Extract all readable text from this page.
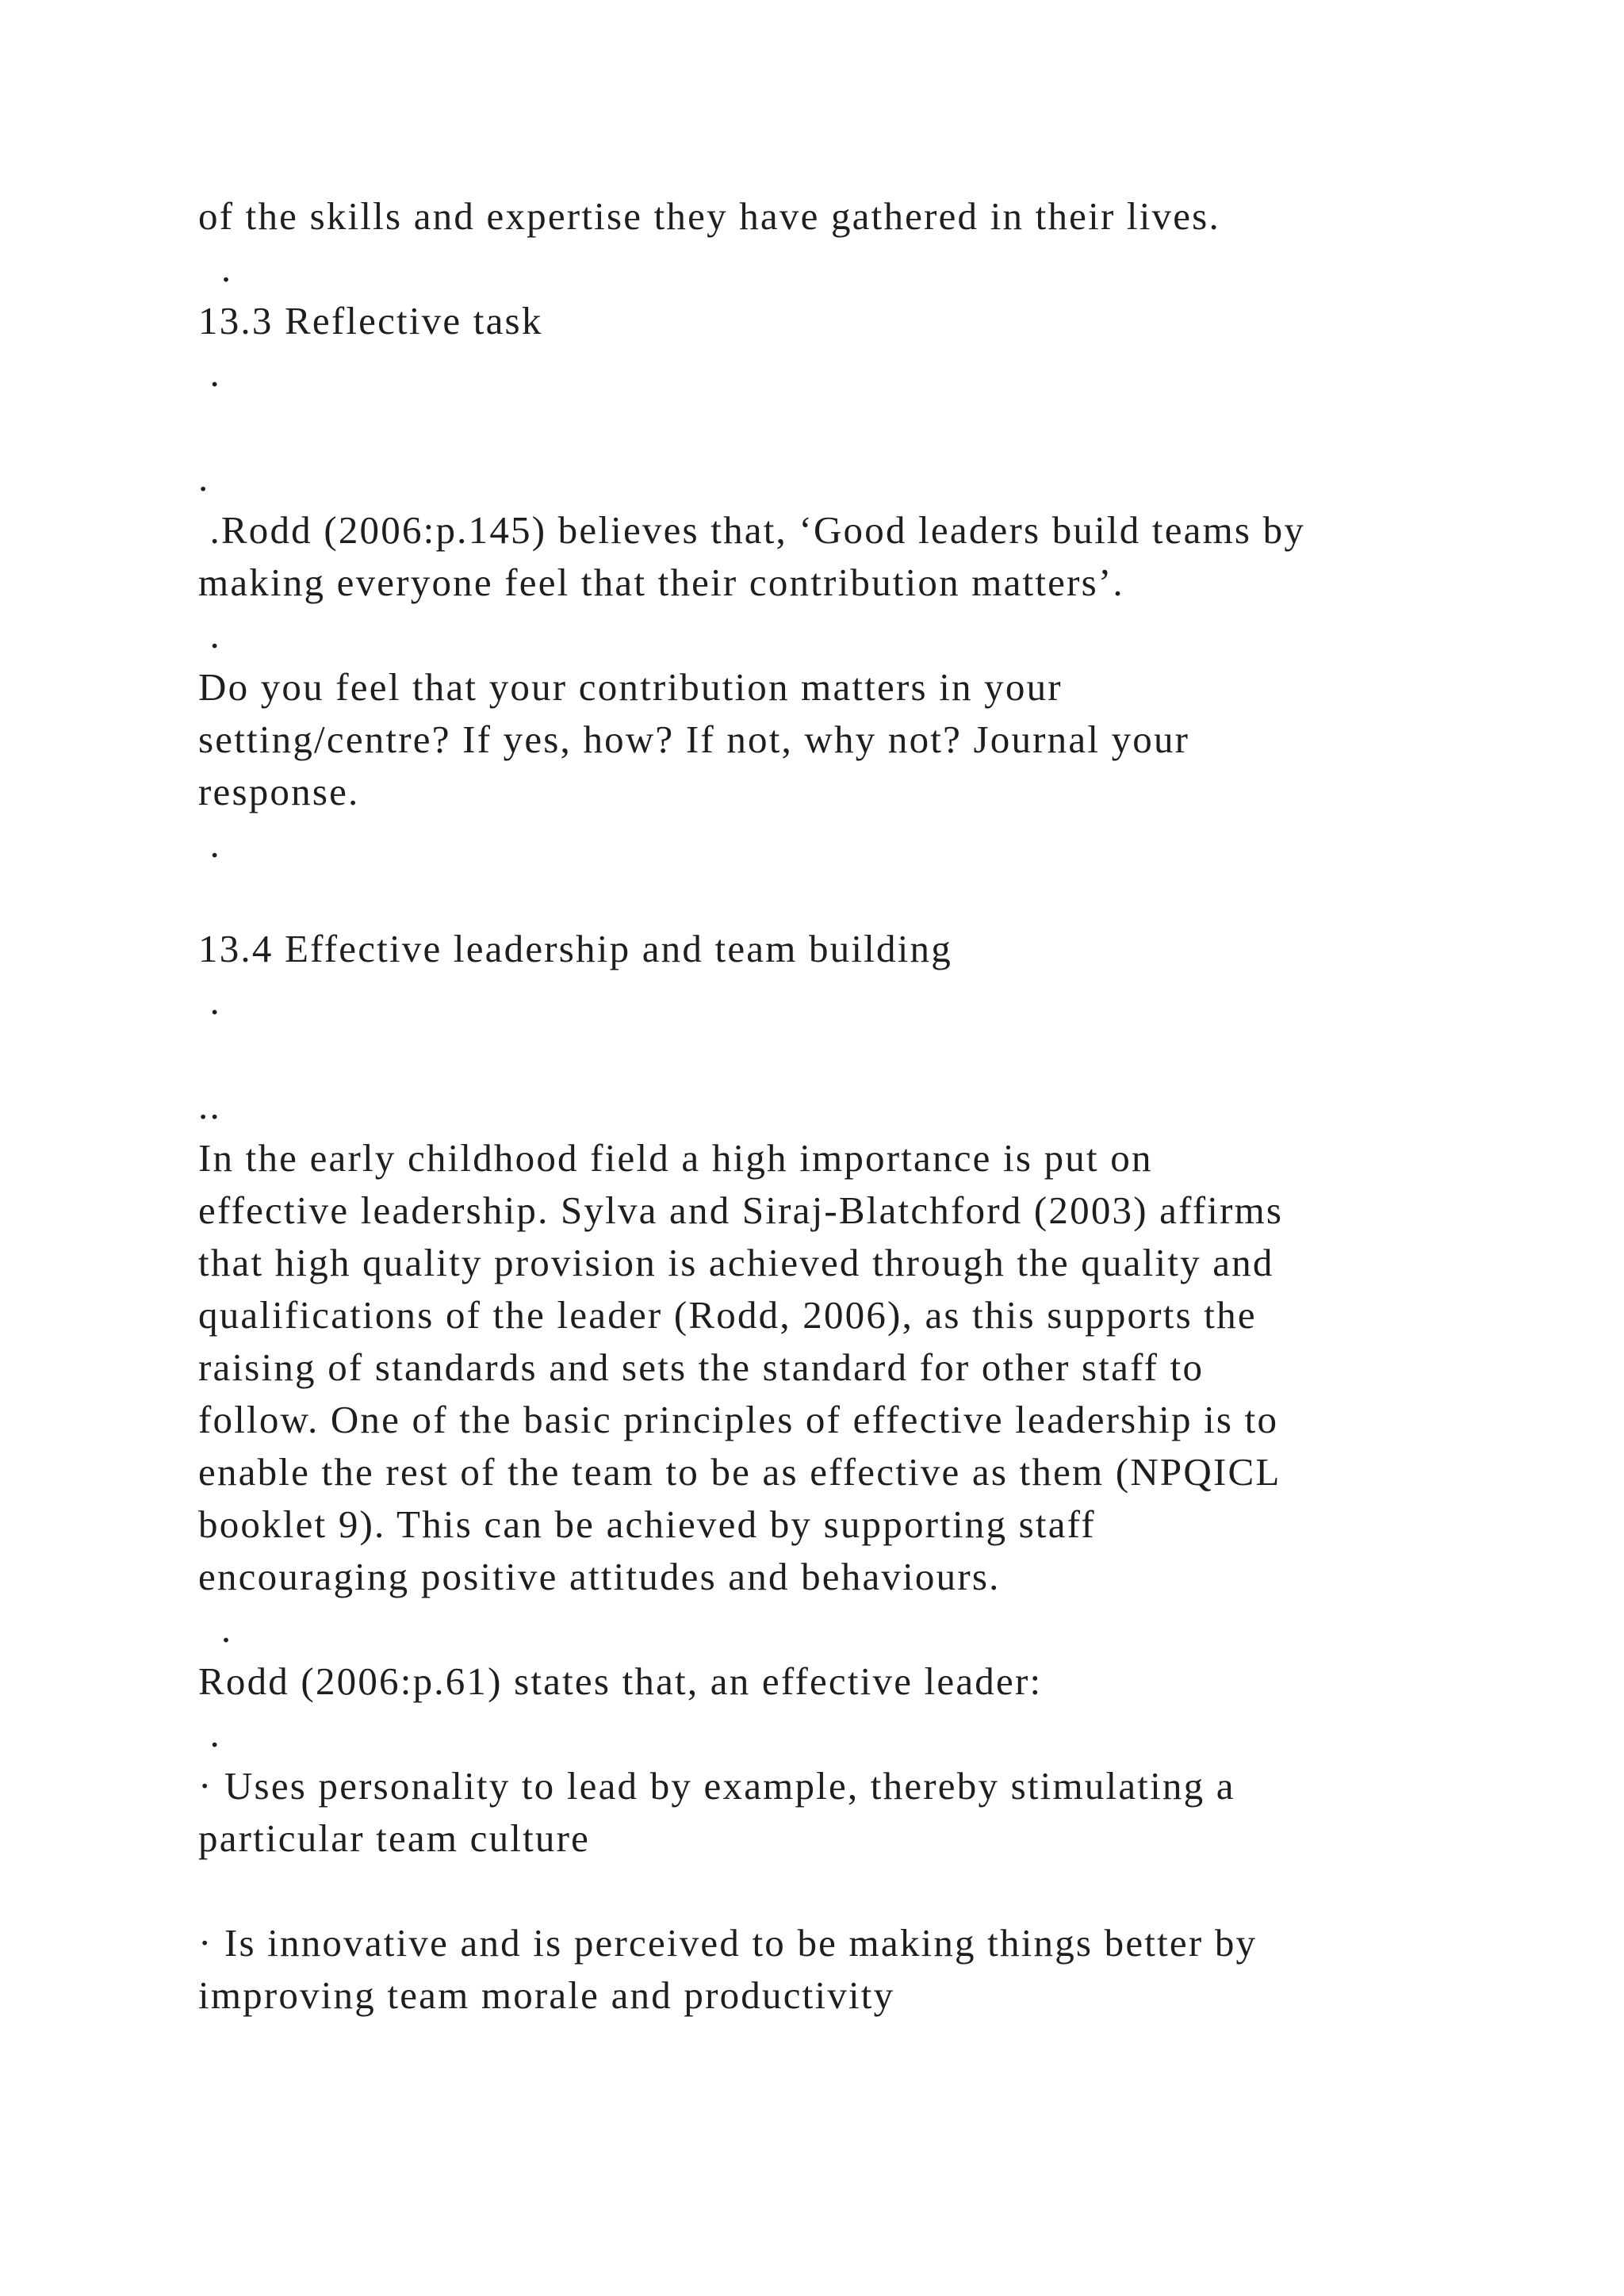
of the skills and expertise they have gathered in their lives.
.
13.3 Reflective task
.
.
.Rodd (2006:p.145) believes that, ‘Good leaders build teams by
making everyone feel that their contribution matters’.
.
Do you feel that your contribution matters in your
setting/centre? If yes, how? If not, why not? Journal your
response.
.
13.4 Effective leadership and team building
.
..
In the early childhood field a high importance is put on
effective leadership. Sylva and Siraj-Blatchford (2003) affirms
that high quality provision is achieved through the quality and
qualifications of the leader (Rodd, 2006), as this supports the
raising of standards and sets the standard for other staff to
follow. One of the basic principles of effective leadership is to
enable the rest of the team to be as effective as them (NPQICL
booklet 9). This can be achieved by supporting staff
encouraging positive attitudes and behaviours.
.
Rodd (2006:p.61) states that, an effective leader:
.
· Uses personality to lead by example, thereby stimulating a
particular team culture
· Is innovative and is perceived to be making things better by
improving team morale and productivity
